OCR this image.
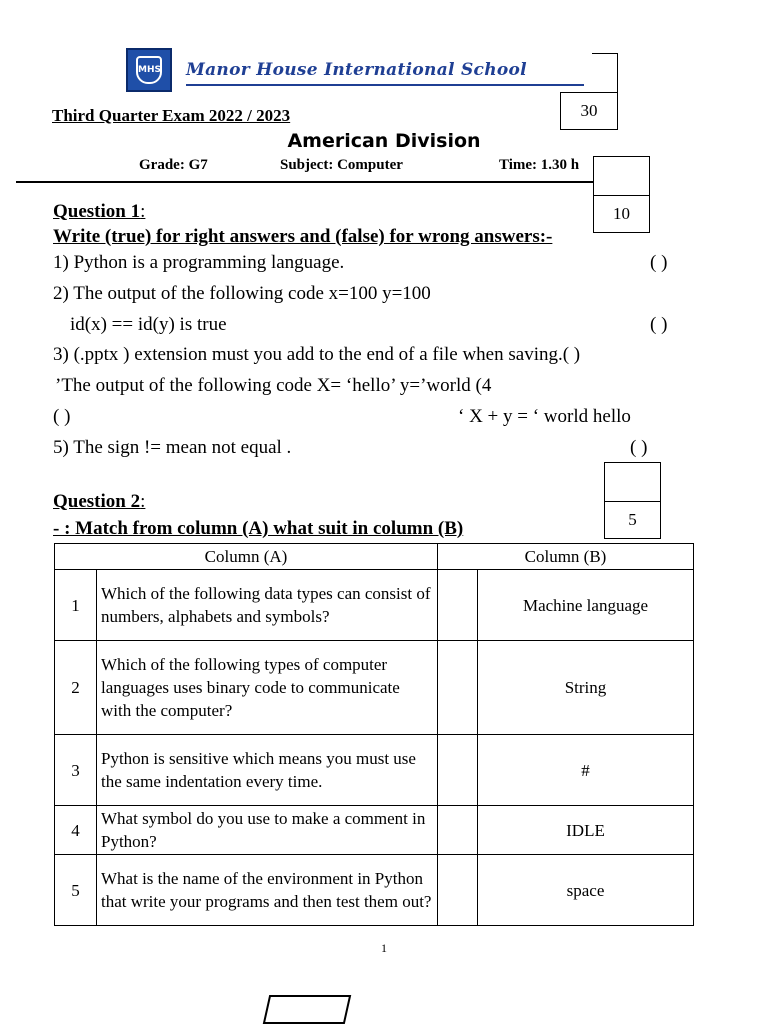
MHS Manor House International School
30
Third Quarter Exam 2022 / 2023
American Division
Grade: G7	Subject: Computer	Time: 1.30 h
10
Question 1:
Write (true) for right answers and (false) for wrong answers:-
1) Python is a programming language.	( )
2) The output of the following code x=100 y=100
id(x) == id(y) is true	( )
3) (.pptx ) extension must you add to the end of a file when saving.( )
’The output of the following code X= ‘hello’ y=’world (4
( )	‘ X + y = ‘ world hello
5) The sign != mean not equal .	( )
5
Question 2:
- : Match from column (A) what suit in column (B)
Column (A)		Column (B)	
1	Which of the following data types can consist of numbers, alphabets and symbols?		Machine language
2	Which of the following types of computer languages uses binary code to communicate with the computer?		String
3	Python is sensitive which means you must use the same indentation every time.		#
4	What symbol do you use to make a comment in Python?		IDLE
5	What is the name of the environment in Python that write your programs and then test them out?		space
1
